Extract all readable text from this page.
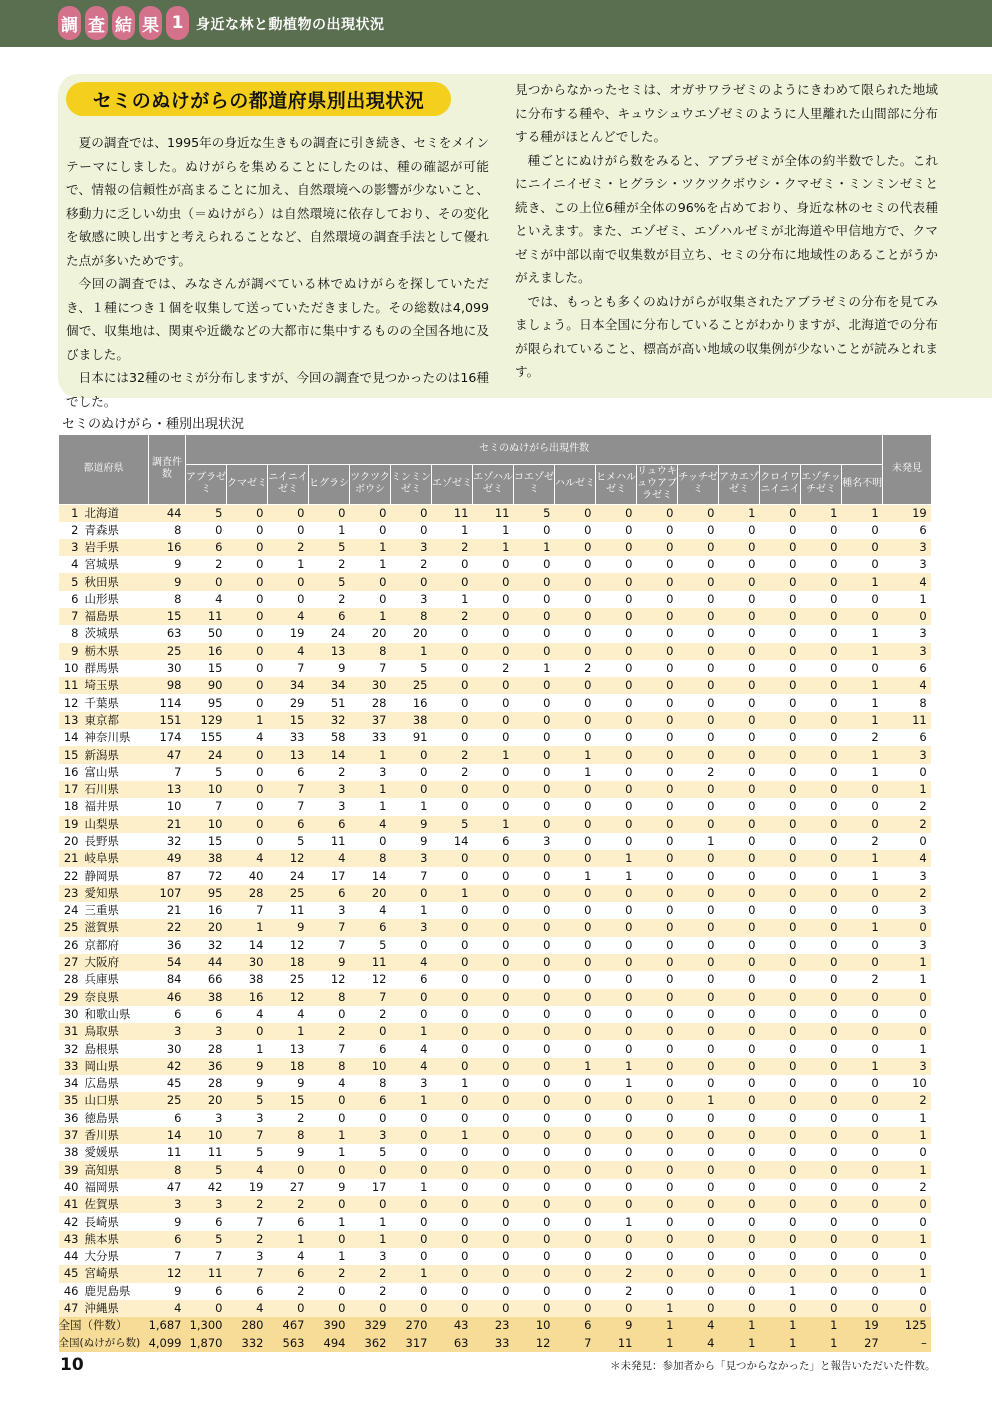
調 査 結 果 1 身近な林と動植物の出現状況
セミのぬけがらの都道府県別出現状況

夏の調査では、1995年の身近な生きもの調査に引き続き、セミをメインテーマにしました。ぬけがらを集めることにしたのは、種の確認が可能で、情報の信頼性が高まることに加え、自然環境への影響が少ないこと、移動力に乏しい幼虫（＝ぬけがら）は自然環境に依存しており、その変化を敏感に映し出すと考えられることなど、自然環境の調査手法として優れた点が多いためです。

今回の調査では、みなさんが調べている林でぬけがらを探していただき、１種につき１個を収集して送っていただきました。その総数は4,099個で、収集地は、関東や近畿などの大都市に集中するものの全国各地に及びました。

日本には32種のセミが分布しますが、今回の調査で見つかったのは16種でした。

見つからなかったセミは、オガサワラゼミのようにきわめて限られた地域に分布する種や、キュウシュウエゾゼミのように人里離れた山間部に分布する種がほとんどでした。

種ごとにぬけがら数をみると、アブラゼミが全体の約半数でした。これにニイニイゼミ・ヒグラシ・ツクツクボウシ・クマゼミ・ミンミンゼミと続き、この上位6種が全体の96%を占めており、身近な林のセミの代表種といえます。また、エゾゼミ、エゾハルゼミが北海道や甲信地方で、クマゼミが中部以南で収集数が目立ち、セミの分布に地域性のあることがうかがえました。

では、もっとも多くのぬけがらが収集されたアブラゼミの分布を見てみましょう。日本全国に分布していることがわかりますが、北海道での分布が限られていること、標高が高い地域の収集例が少ないことが読みとれます。

セミのぬけがら・種別出現状況
都道府県	調査件数	セミのぬけがら出現件数																	未発見
		アブラゼミ	クマゼミ	ニイニイゼミ	ヒグラシ	ツクツクボウシ	ミンミンゼミ	エゾゼミ	エゾハルゼミ	コエゾゼミ	ハルゼミ	ヒメハルゼミ	リュウキュウアブラゼミ	チッチゼミ	アカエゾゼミ	クロイワニイニイ	エゾチッチゼミ	種名不明	
1 北海道	44	5	0	0	0	0	0	11	11	5	0	0	0	0	1	0	1	1	19
2 青森県	8	0	0	0	1	0	0	1	1	0	0	0	0	0	0	0	0	0	6
3 岩手県	16	6	0	2	5	1	3	2	1	1	0	0	0	0	0	0	0	0	3
4 宮城県	9	2	0	1	2	1	2	0	0	0	0	0	0	0	0	0	0	0	3
5 秋田県	9	0	0	0	5	0	0	0	0	0	0	0	0	0	0	0	0	1	4
6 山形県	8	4	0	0	2	0	3	1	0	0	0	0	0	0	0	0	0	0	1
7 福島県	15	11	0	4	6	1	8	2	0	0	0	0	0	0	0	0	0	0	0
8 茨城県	63	50	0	19	24	20	20	0	0	0	0	0	0	0	0	0	0	1	3
9 栃木県	25	16	0	4	13	8	1	0	0	0	0	0	0	0	0	0	0	1	3
10 群馬県	30	15	0	7	9	7	5	0	2	1	2	0	0	0	0	0	0	0	6
11 埼玉県	98	90	0	34	34	30	25	0	0	0	0	0	0	0	0	0	0	1	4
12 千葉県	114	95	0	29	51	28	16	0	0	0	0	0	0	0	0	0	0	1	8
13 東京都	151	129	1	15	32	37	38	0	0	0	0	0	0	0	0	0	0	1	11
14 神奈川県	174	155	4	33	58	33	91	0	0	0	0	0	0	0	0	0	0	2	6
15 新潟県	47	24	0	13	14	1	0	2	1	0	1	0	0	0	0	0	0	1	3
16 富山県	7	5	0	6	2	3	0	2	0	0	1	0	0	2	0	0	0	1	0
17 石川県	13	10	0	7	3	1	0	0	0	0	0	0	0	0	0	0	0	0	1
18 福井県	10	7	0	7	3	1	1	0	0	0	0	0	0	0	0	0	0	0	2
19 山梨県	21	10	0	6	6	4	9	5	1	0	0	0	0	0	0	0	0	0	2
20 長野県	32	15	0	5	11	0	9	14	6	3	0	0	0	1	0	0	0	2	0
21 岐阜県	49	38	4	12	4	8	3	0	0	0	0	1	0	0	0	0	0	1	4
22 静岡県	87	72	40	24	17	14	7	0	0	0	1	1	0	0	0	0	0	1	3
23 愛知県	107	95	28	25	6	20	0	1	0	0	0	0	0	0	0	0	0	0	2
24 三重県	21	16	7	11	3	4	1	0	0	0	0	0	0	0	0	0	0	0	3
25 滋賀県	22	20	1	9	7	6	3	0	0	0	0	0	0	0	0	0	0	1	0
26 京都府	36	32	14	12	7	5	0	0	0	0	0	0	0	0	0	0	0	0	3
27 大阪府	54	44	30	18	9	11	4	0	0	0	0	0	0	0	0	0	0	0	1
28 兵庫県	84	66	38	25	12	12	6	0	0	0	0	0	0	0	0	0	0	2	1
29 奈良県	46	38	16	12	8	7	0	0	0	0	0	0	0	0	0	0	0	0	0
30 和歌山県	6	6	4	4	0	2	0	0	0	0	0	0	0	0	0	0	0	0	0
31 鳥取県	3	3	0	1	2	0	1	0	0	0	0	0	0	0	0	0	0	0	0
32 島根県	30	28	1	13	7	6	4	0	0	0	0	0	0	0	0	0	0	0	1
33 岡山県	42	36	9	18	8	10	4	0	0	0	1	1	0	0	0	0	0	1	3
34 広島県	45	28	9	9	4	8	3	1	0	0	0	1	0	0	0	0	0	0	10
35 山口県	25	20	5	15	0	6	1	0	0	0	0	0	0	1	0	0	0	0	2
36 徳島県	6	3	3	2	0	0	0	0	0	0	0	0	0	0	0	0	0	0	1
37 香川県	14	10	7	8	1	3	0	1	0	0	0	0	0	0	0	0	0	0	1
38 愛媛県	11	11	5	9	1	5	0	0	0	0	0	0	0	0	0	0	0	0	0
39 高知県	8	5	4	0	0	0	0	0	0	0	0	0	0	0	0	0	0	0	1
40 福岡県	47	42	19	27	9	17	1	0	0	0	0	0	0	0	0	0	0	0	2
41 佐賀県	3	3	2	2	0	0	0	0	0	0	0	0	0	0	0	0	0	0	0
42 長崎県	9	6	7	6	1	1	0	0	0	0	0	1	0	0	0	0	0	0	0
43 熊本県	6	5	2	1	0	1	0	0	0	0	0	0	0	0	0	0	0	0	1
44 大分県	7	7	3	4	1	3	0	0	0	0	0	0	0	0	0	0	0	0	0
45 宮崎県	12	11	7	6	2	2	1	0	0	0	0	2	0	0	0	0	0	0	1
46 鹿児島県	9	6	6	2	0	2	0	0	0	0	0	2	0	0	0	1	0	0	0
47 沖縄県	4	0	4	0	0	0	0	0	0	0	0	0	1	0	0	0	0	0	0
全国（件数）	1,687	1,300	280	467	390	329	270	43	23	10	6	9	1	4	1	1	1	19	125
全国(ぬけがら数)	4,099	1,870	332	563	494	362	317	63	33	12	7	11	1	4	1	1	1	27	–
10	＊未発見：参加者から「見つからなかった」と報告いただいた件数。
